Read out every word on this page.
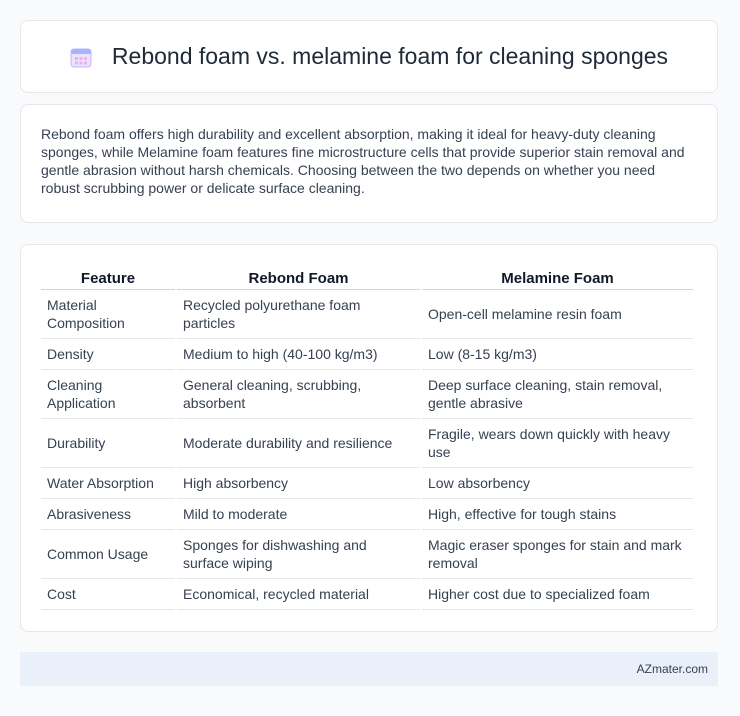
Rebond foam vs. melamine foam for cleaning sponges

Rebond foam offers high durability and excellent absorption, making it ideal for heavy-duty cleaning sponges, while Melamine foam features fine microstructure cells that provide superior stain removal and gentle abrasion without harsh chemicals. Choosing between the two depends on whether you need robust scrubbing power or delicate surface cleaning.

Feature	Rebond Foam	Melamine Foam
Material Composition	Recycled polyurethane foam particles	Open-cell melamine resin foam
Density	Medium to high (40-100 kg/m3)	Low (8-15 kg/m3)
Cleaning Application	General cleaning, scrubbing, absorbent	Deep surface cleaning, stain removal, gentle abrasive
Durability	Moderate durability and resilience	Fragile, wears down quickly with heavy use
Water Absorption	High absorbency	Low absorbency
Abrasiveness	Mild to moderate	High, effective for tough stains
Common Usage	Sponges for dishwashing and surface wiping	Magic eraser sponges for stain and mark removal
Cost	Economical, recycled material	Higher cost due to specialized foam
AZmater.com
